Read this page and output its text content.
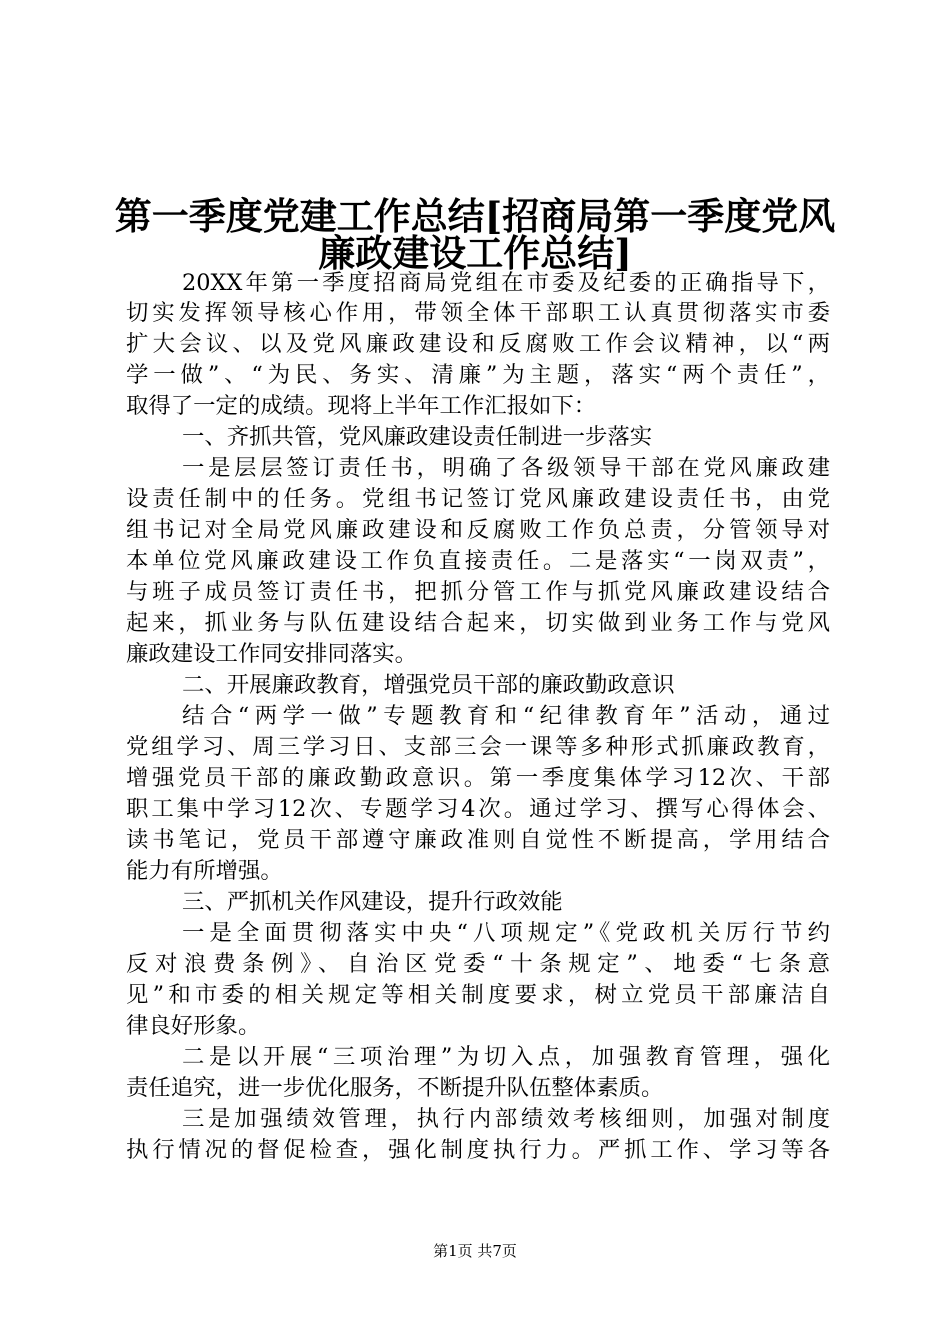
第一季度党建工作总结[招商局第一季度党风
廉政建设工作总结]
20XX年第一季度招商局党组在市委及纪委的正确指导下，
切实发挥领导核心作用，带领全体干部职工认真贯彻落实市委
扩大会议、以及党风廉政建设和反腐败工作会议精神，以“两
学一做”、“为民、务实、清廉”为主题，落实“两个责任”，
取得了一定的成绩。现将上半年工作汇报如下：
一、齐抓共管，党风廉政建设责任制进一步落实
一是层层签订责任书，明确了各级领导干部在党风廉政建
设责任制中的任务。党组书记签订党风廉政建设责任书，由党
组书记对全局党风廉政建设和反腐败工作负总责，分管领导对
本单位党风廉政建设工作负直接责任。二是落实“一岗双责”，
与班子成员签订责任书，把抓分管工作与抓党风廉政建设结合
起来，抓业务与队伍建设结合起来，切实做到业务工作与党风
廉政建设工作同安排同落实。
二、开展廉政教育，增强党员干部的廉政勤政意识
结合“两学一做”专题教育和“纪律教育年”活动，通过
党组学习、周三学习日、支部三会一课等多种形式抓廉政教育，
增强党员干部的廉政勤政意识。第一季度集体学习12次、干部
职工集中学习12次、专题学习4次。通过学习、撰写心得体会、
读书笔记，党员干部遵守廉政准则自觉性不断提高，学用结合
能力有所增强。
三、严抓机关作风建设，提升行政效能
一是全面贯彻落实中央“八项规定”《党政机关厉行节约
反对浪费条例》、自治区党委“十条规定”、地委“七条意
见”和市委的相关规定等相关制度要求，树立党员干部廉洁自
律良好形象。
二是以开展“三项治理”为切入点，加强教育管理，强化
责任追究，进一步优化服务，不断提升队伍整体素质。
三是加强绩效管理，执行内部绩效考核细则，加强对制度
执行情况的督促检查，强化制度执行力。严抓工作、学习等各
第1页 共7页
